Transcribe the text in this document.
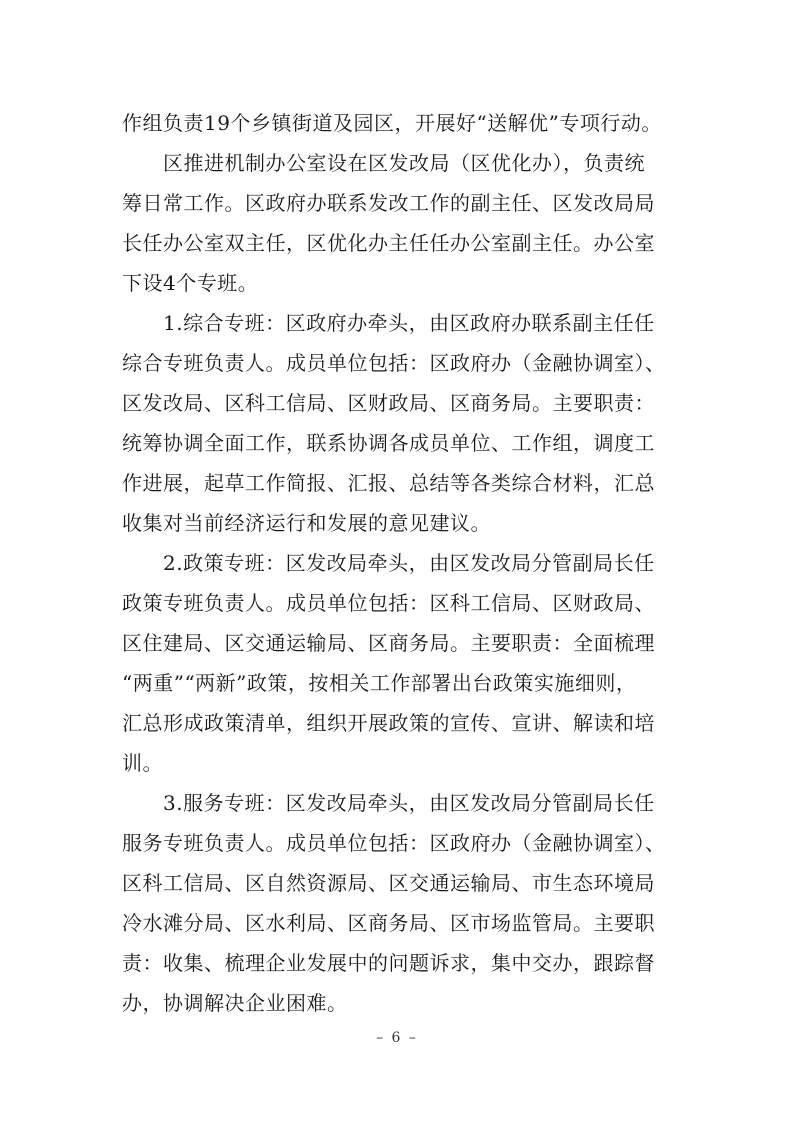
作组负责19个乡镇街道及园区，开展好“送解优”专项行动。
区推进机制办公室设在区发改局（区优化办），负责统
筹日常工作。区政府办联系发改工作的副主任、区发改局局
长任办公室双主任，区优化办主任任办公室副主任。办公室
下设4个专班。
1.综合专班：区政府办牵头，由区政府办联系副主任任
综合专班负责人。成员单位包括：区政府办（金融协调室）、
区发改局、区科工信局、区财政局、区商务局。主要职责：
统筹协调全面工作，联系协调各成员单位、工作组，调度工
作进展，起草工作简报、汇报、总结等各类综合材料，汇总
收集对当前经济运行和发展的意见建议。
2.政策专班：区发改局牵头，由区发改局分管副局长任
政策专班负责人。成员单位包括：区科工信局、区财政局、
区住建局、区交通运输局、区商务局。主要职责：全面梳理
“两重”“两新”政策，按相关工作部署出台政策实施细则，
汇总形成政策清单，组织开展政策的宣传、宣讲、解读和培
训。
3.服务专班：区发改局牵头，由区发改局分管副局长任
服务专班负责人。成员单位包括：区政府办（金融协调室）、
区科工信局、区自然资源局、区交通运输局、市生态环境局
冷水滩分局、区水利局、区商务局、区市场监管局。主要职
责：收集、梳理企业发展中的问题诉求，集中交办，跟踪督
办，协调解决企业困难。
– 6 –
